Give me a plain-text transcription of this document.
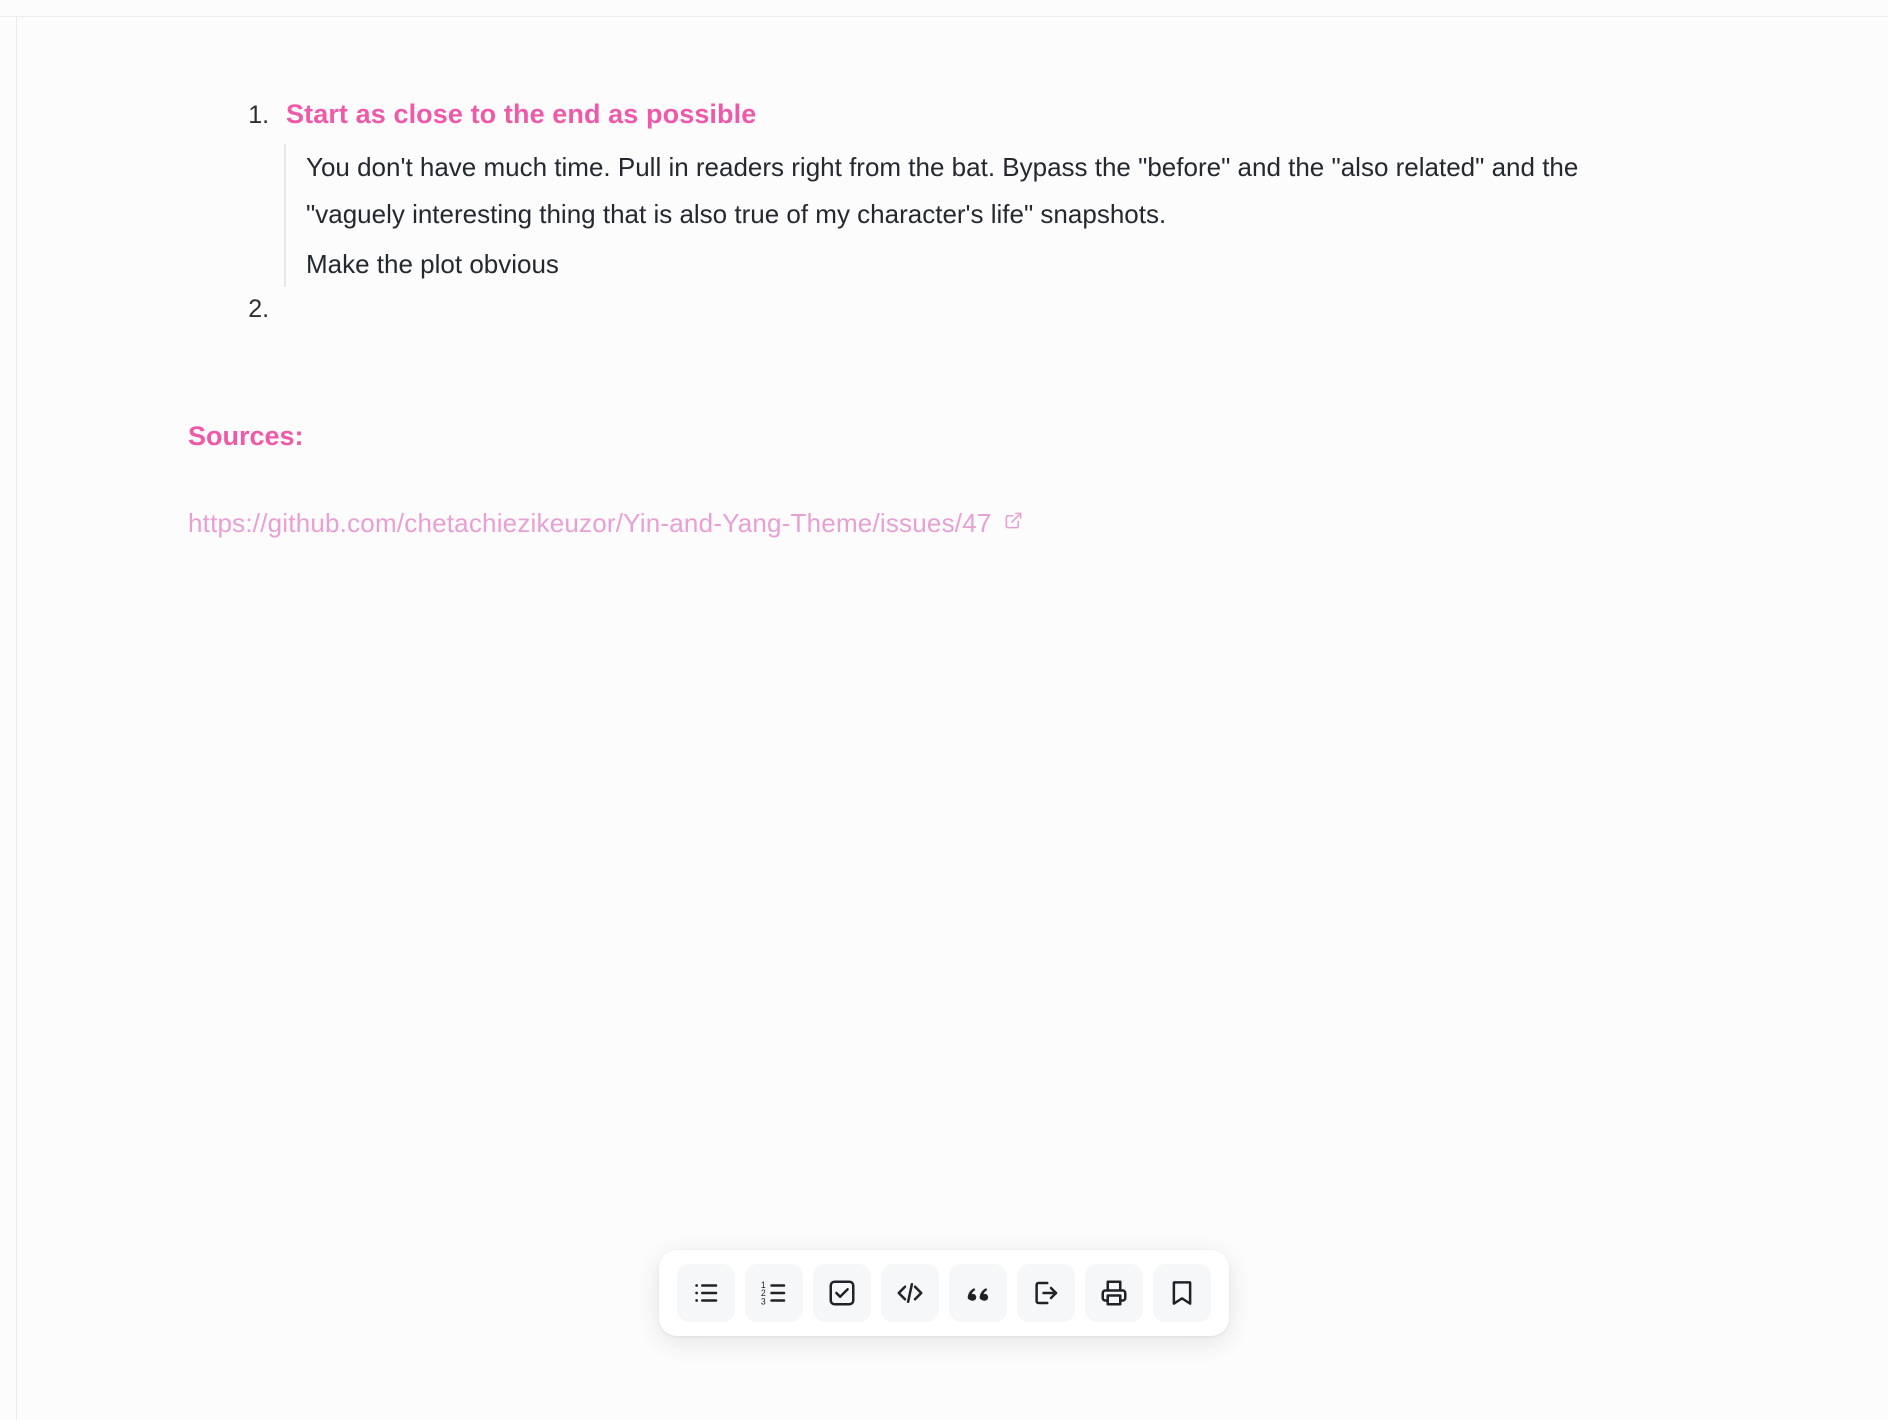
1. Start as close to the end as possible

You don't have much time. Pull in readers right from the bat. Bypass the "before" and the "also related" and the "vaguely interesting thing that is also true of my character's life" snapshots.

Make the plot obvious

2.
Sources:
https://github.com/chetachiezikeuzor/Yin-and-Yang-Theme/issues/47
1
2
3
